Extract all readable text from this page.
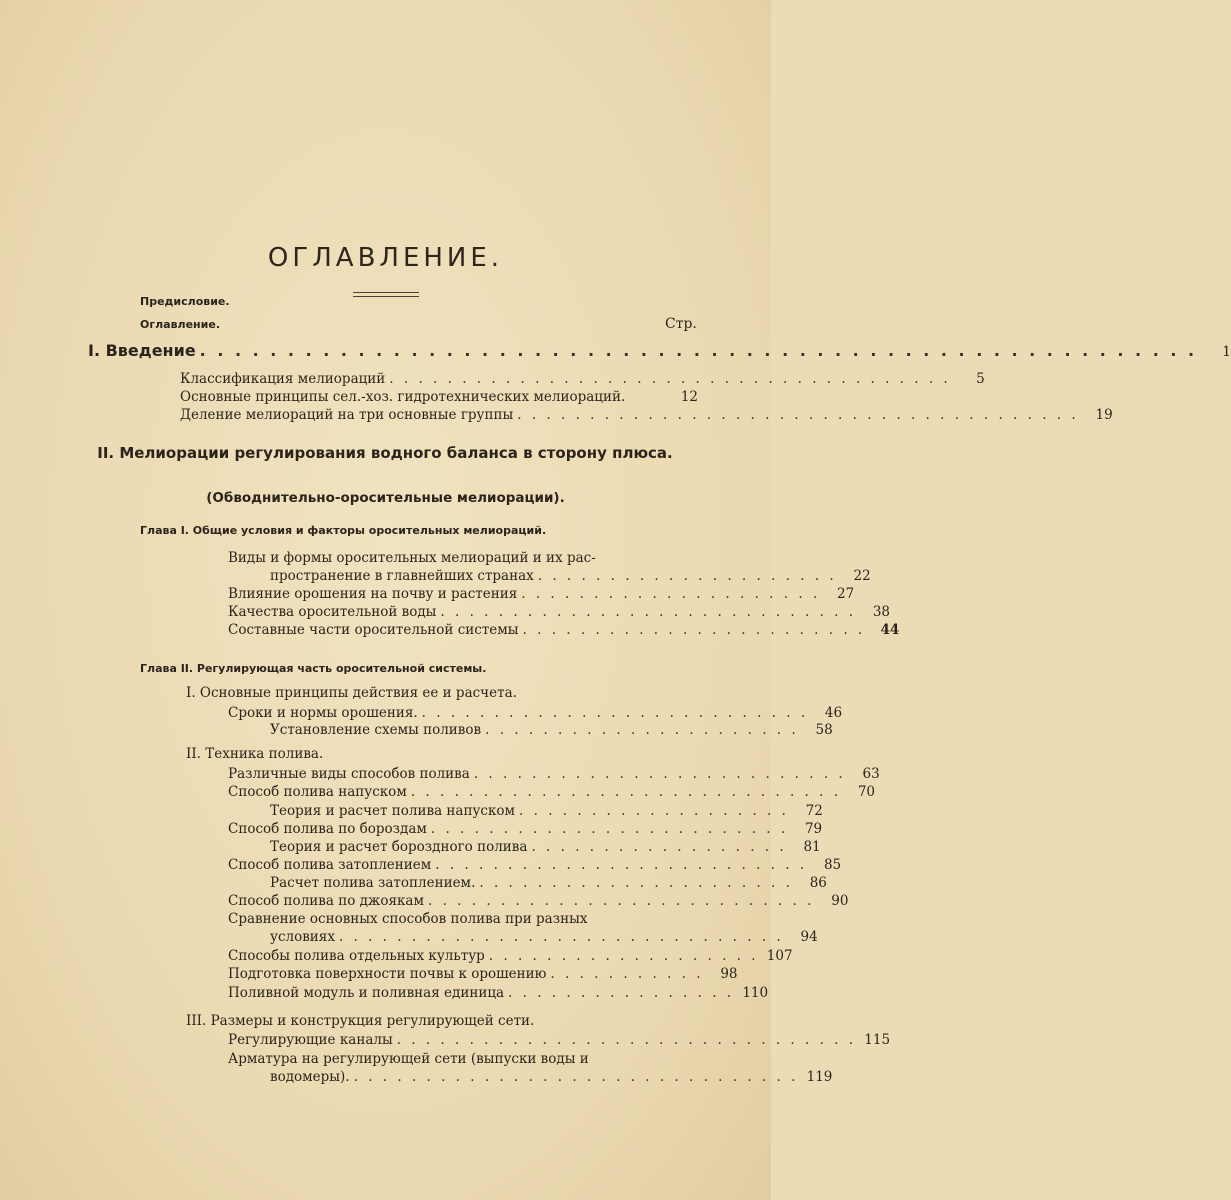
ОГЛАВЛЕНИЕ.
Предисловие.
Оглавление.	Стр.
I. Введение . . . . . . . . . . . . . . . . . . . . . . . . . . . . . . . . . . . . . . . . . . . . . . . . . . . . . . . . .	1
Классификация мелиораций . . . . . . . . . . . . . . . . . . . . . . . . . . . . . . . . . . . . . . .	5
Основные принципы сел.-хоз. гидротехнических мелиораций.	12
Деление мелиораций на три основные группы . . . . . . . . . . . . . . . . . . . . . . . . . . . . . . . . . . . . . . .	19
II. Мелиорации регулирования водного баланса в сторону плюса.
(Обводнительно-оросительные мелиорации).
Глава I. Общие условия и факторы оросительных мелиораций.
Виды и формы оросительных мелиораций и их рас-
пространение в главнейших странах . . . . . . . . . . . . . . . . . . . . .	22
Влияние орошения на почву и растения . . . . . . . . . . . . . . . . . . . . .	27
Качества оросительной воды . . . . . . . . . . . . . . . . . . . . . . . . . . . . .	38
Составные части оросительной системы . . . . . . . . . . . . . . . . . . . . . . . .	44
Глава II. Регулирующая часть оросительной системы.
I. Основные принципы действия ее и расчета.
Сроки и нормы орошения. . . . . . . . . . . . . . . . . . . . . . . . . . . .	46
Установление схемы поливов . . . . . . . . . . . . . . . . . . . . . .	58
II. Техника полива.
Различные виды способов полива . . . . . . . . . . . . . . . . . . . . . . . . . .	63
Способ полива напуском . . . . . . . . . . . . . . . . . . . . . . . . . . . . . .	70
Теория и расчет полива напуском . . . . . . . . . . . . . . . . . . .	72
Способ полива по бороздам . . . . . . . . . . . . . . . . . . . . . . . . .	79
Теория и расчет бороздного полива . . . . . . . . . . . . . . . . . .	81
Способ полива затоплением . . . . . . . . . . . . . . . . . . . . . . . . . .	85
Расчет полива затоплением. . . . . . . . . . . . . . . . . . . . . . .	86
Способ полива по джоякам . . . . . . . . . . . . . . . . . . . . . . . . . . .	90
Сравнение основных способов полива при разных
условиях . . . . . . . . . . . . . . . . . . . . . . . . . . . . . . .	94
Способы полива отдельных культур . . . . . . . . . . . . . . . . . . . 107
Подготовка поверхности почвы к орошению . . . . . . . . . . .	98
Поливной модуль и поливная единица . . . . . . . . . . . . . . . . 110
III. Размеры и конструкция регулирующей сети.
Регулирующие каналы . . . . . . . . . . . . . . . . . . . . . . . . . . . . . . . . 115
Арматура на регулирующей сети (выпуски воды и
водомеры). . . . . . . . . . . . . . . . . . . . . . . . . . . . . . . . 119
